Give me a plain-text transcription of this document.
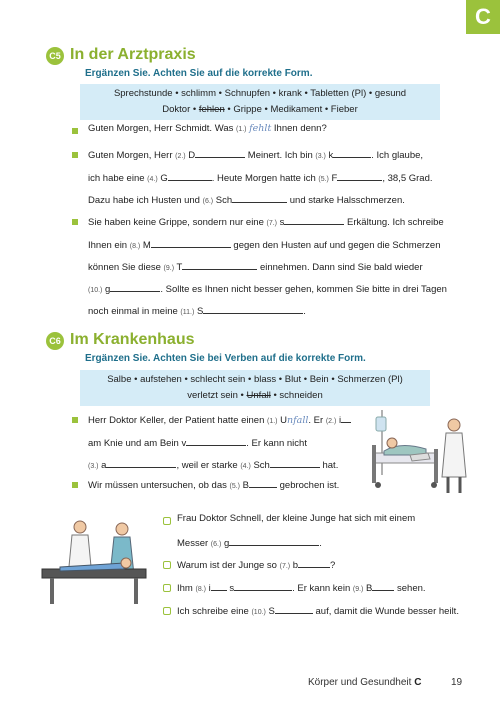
C
C5 In der Arztpraxis
Ergänzen Sie. Achten Sie auf die korrekte Form.
Sprechstunde • schlimm • Schnupfen • krank • Tabletten (Pl) • gesund
Doktor • fehlen • Grippe • Medikament • Fieber
Guten Morgen, Herr Schmidt. Was (1.) fehlt Ihnen denn?
Guten Morgen, Herr (2.) D	Meinert. Ich bin (3.) k	. Ich glaube,
ich habe eine (4.) G	. Heute Morgen hatte ich (5.) F	, 38,5 Grad.
Dazu habe ich Husten und (6.) Sch	und starke Halsschmerzen.
Sie haben keine Grippe, sondern nur eine (7.) s	Erkältung. Ich schreibe
Ihnen ein (8.) M	gegen den Husten auf und gegen die Schmerzen
können Sie diese (9.) T	einnehmen. Dann sind Sie bald wieder
(10.) g	. Sollte es Ihnen nicht besser gehen, kommen Sie bitte in drei Tagen
noch einmal in meine (11.) S	.
C6 Im Krankenhaus
Ergänzen Sie. Achten Sie bei Verben auf die korrekte Form.
Salbe • aufstehen • schlecht sein • blass • Blut • Bein • Schmerzen (Pl)
verletzt sein • Unfall • schneiden
Herr Doktor Keller, der Patient hatte einen (1.) Unfall. Er (2.) i
am Knie und am Bein v	. Er kann nicht
(3.) a	, weil er starke (4.) Sch	hat.
Wir müssen untersuchen, ob das (5.) B	gebrochen ist.
Frau Doktor Schnell, der kleine Junge hat sich mit einem
Messer (6.) g	.
Warum ist der Junge so (7.) b	?
Ihm (8.) i s	. Er kann kein (9.) B sehen.
Ich schreibe eine (10.) S	auf, damit die Wunde besser heilt.
Körper und Gesundheit C	19
